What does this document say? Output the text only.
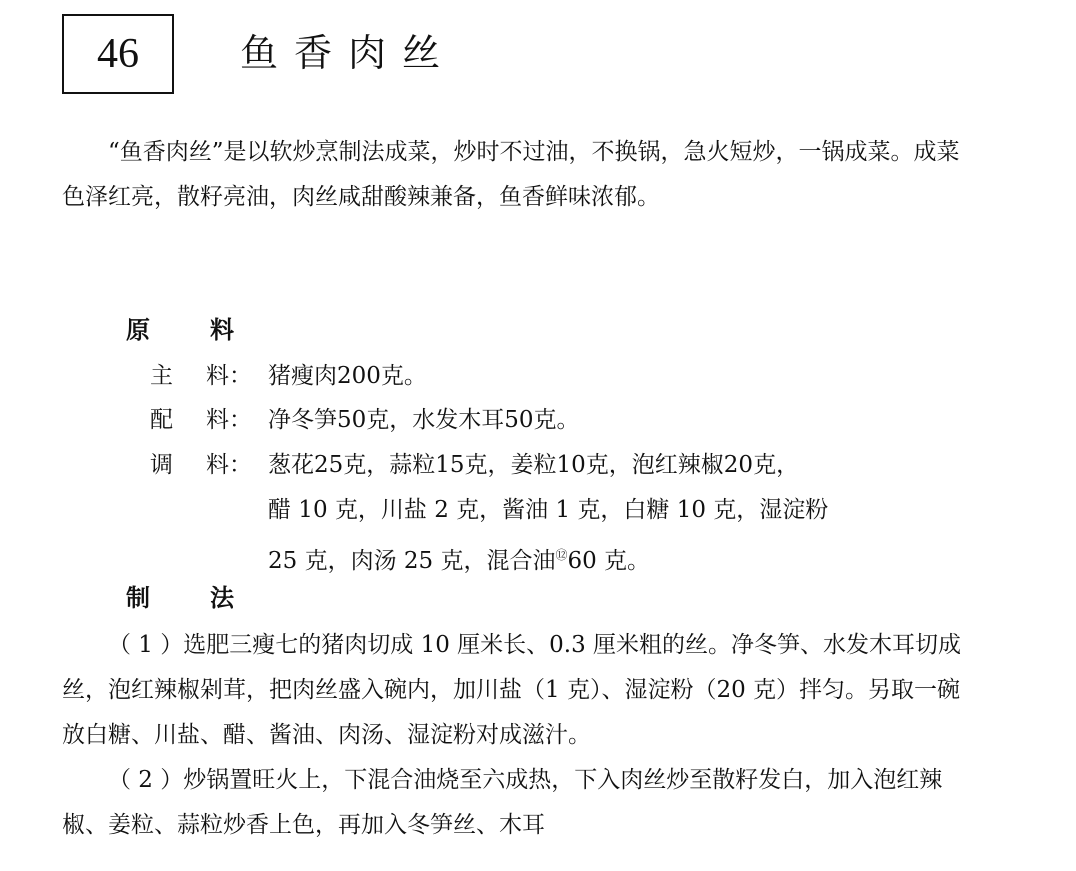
46	鱼香肉丝

“鱼香肉丝”是以软炒烹制法成菜，炒时不过油，不换锅，急火短炒，一锅成菜。成菜色泽红亮，散籽亮油，肉丝咸甜酸辣兼备，鱼香鲜味浓郁。

原	料
主 料： 猪瘦肉200克。
配 料： 净冬笋50克，水发木耳50克。
调 料： 葱花25克，蒜粒15克，姜粒10克，泡红辣椒20克，
醋 10 克，川盐 2 克，酱油 1 克，白糖 10 克，湿淀粉
25 克，肉汤 25 克，混合油⑫60 克。
制	法

（ 1 ）选肥三瘦七的猪肉切成 10 厘米长、0.3 厘米粗的丝。净冬笋、水发木耳切成丝，泡红辣椒剁茸，把肉丝盛入碗内，加川盐（1 克）、湿淀粉（20 克）拌匀。另取一碗放白糖、川盐、醋、酱油、肉汤、湿淀粉对成滋汁。

（ 2 ）炒锅置旺火上，下混合油烧至六成热，下入肉丝炒至散籽发白，加入泡红辣椒、姜粒、蒜粒炒香上色，再加入冬笋丝、木耳
